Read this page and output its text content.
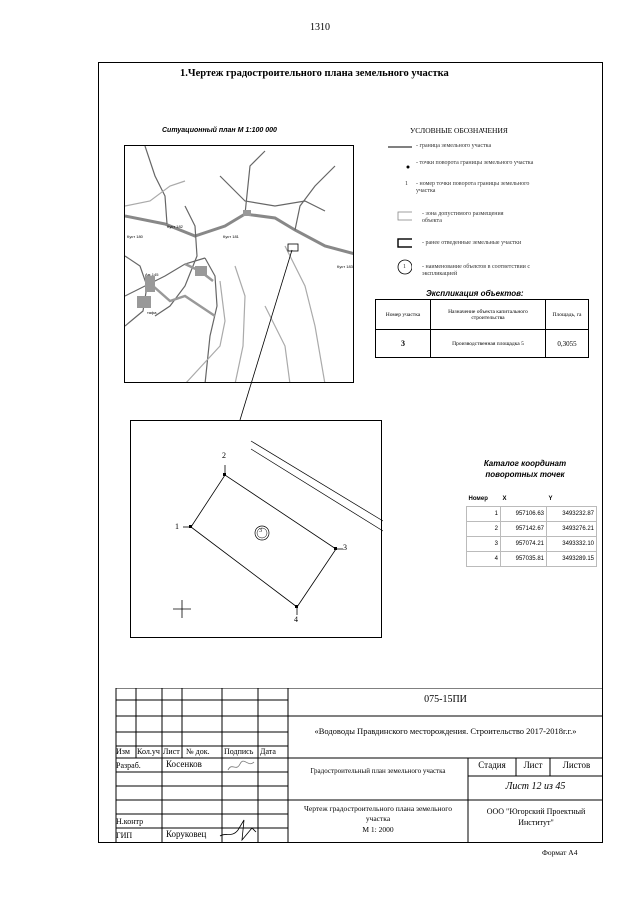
1310
1.Чертеж градостроительного плана земельного участка
Ситуационный план М 1:100 000
Куст 182
Куст 181
Куст 180
Куст 183
Ам-145
тафа
УСЛОВНЫЕ ОБОЗНАЧЕНИЯ
- граница земельного участка
- точки поворота границы земельного участка
1 - номер точки поворота границы земельного участка
- зона допустимого размещения объекта
- ранее отведенные земельные участки
1	- наименование объектов в соответствии с экспликацией
Экспликация объектов:
Номер участка	Назначение объекта капитального строительства	Площадь, га
3	Производственная площадка 5	0,3055
1
2
3
4
3
Каталог координат поворотных точек
Номер	X	Y
1	957106.63	3493232.87
2	957142.67	3493276.21
3	957074.21	3493332.10
4	957035.81	3493289.15
075-15ПИ
«Водоводы Правдинского месторождения. Строительство 2017-2018г.г.»
Изм Кол.уч Лист № док. Подпись Дата
Разраб.	Косенков
Н.контр
ГИП	Коруковец
Градостроительный план земельного участка
Стадия	Лист	Листов
Лист 12 из 45
Чертеж градостроительного плана земельного участка
М 1: 2000
ООО "Югорский Проектный Институт"
Формат А4
